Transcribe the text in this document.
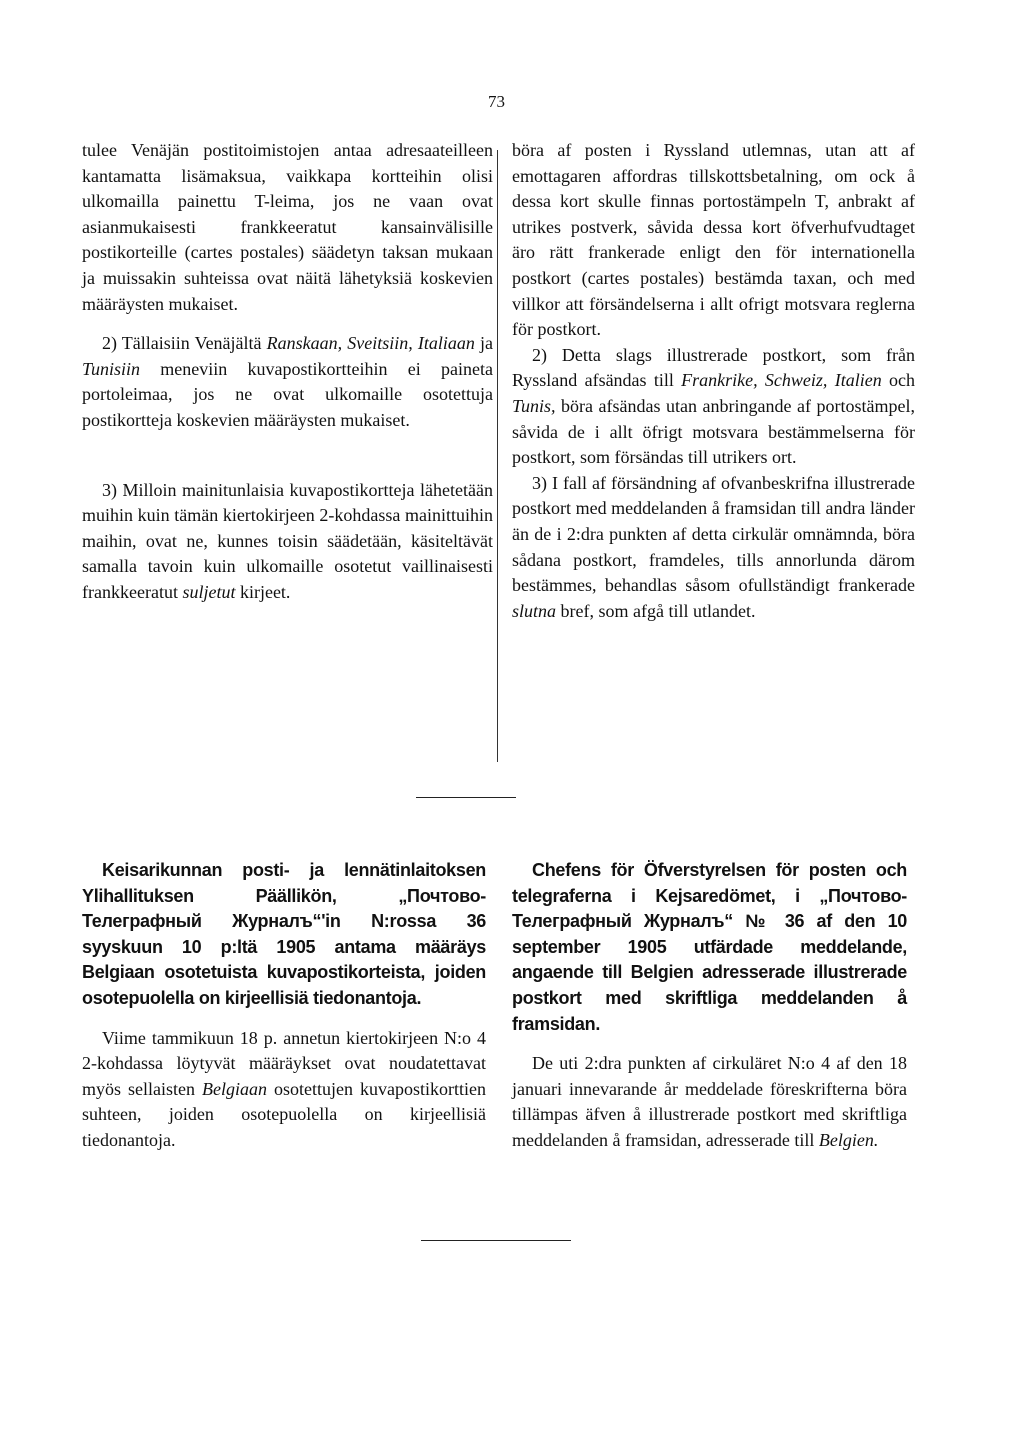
73

tulee Venäjän postitoimistojen antaa adresaateilleen kantamatta lisämaksua, vaikkapa kortteihin olisi ulkomailla painettu T-leima, jos ne vaan ovat asianmukaisesti frankkeeratut kansainvälisille postikorteille (cartes postales) säädetyn taksan mukaan ja muissakin suhteissa ovat näitä lähetyksiä koskevien määräysten mukaiset.

2) Tällaisiin Venäjältä Ranskaan, Sveitsiin, Italiaan ja Tunisiin meneviin kuvapostikortteihin ei paineta portoleimaa, jos ne ovat ulkomaille osotettuja postikortteja koskevien määräysten mukaiset.

3) Milloin mainitunlaisia kuvapostikortteja lähetetään muihin kuin tämän kiertokirjeen 2-kohdassa mainittuihin maihin, ovat ne, kunnes toisin säädetään, käsiteltävät samalla tavoin kuin ulkomaille osotetut vaillinaisesti frankkeeratut suljetut kirjeet.

böra af posten i Ryssland utlemnas, utan att af emottagaren affordras tillskottsbetalning, om ock å dessa kort skulle finnas portostämpeln T, anbrakt af utrikes postverk, såvida dessa kort öfverhufvudtaget äro rätt frankerade enligt den för internationella postkort (cartes postales) bestämda taxan, och med villkor att försändelserna i allt ofrigt motsvara reglerna för postkort.

2) Detta slags illustrerade postkort, som från Ryssland afsändas till Frankrike, Schweiz, Italien och Tunis, böra afsändas utan anbringande af portostämpel, såvida de i allt öfrigt motsvara bestämmelserna för postkort, som försändas till utrikers ort.

3) I fall af försändning af ofvanbeskrifna illustrerade postkort med meddelanden å framsidan till andra länder än de i 2:dra punkten af detta cirkulär omnämnda, böra sådana postkort, framdeles, tills annorlunda därom bestämmes, behandlas såsom ofullständigt frankerade slutna bref, som afgå till utlandet.

Keisarikunnan posti- ja lennätinlaitoksen Ylihallituksen Päällikön, „Почтово-Телеграфный Журналъ“'in N:rossa 36 syyskuun 10 p:ltä 1905 antama määräys Belgiaan osotetuista kuvapostikorteista, joiden osotepuolella on kirjeellisiä tiedonantoja.

Viime tammikuun 18 p. annetun kiertokirjeen N:o 4 2-kohdassa löytyvät määräykset ovat noudatettavat myös sellaisten Belgiaan osotettujen kuvapostikorttien suhteen, joiden osotepuolella on kirjeellisiä tiedonantoja.

Chefens för Öfverstyrelsen för posten och telegraferna i Kejsaredömet, i „Почтово-Телеграфный Журналъ“ № 36 af den 10 september 1905 utfärdade meddelande, angaende till Belgien adresserade illustrerade postkort med skriftliga meddelanden å framsidan.

De uti 2:dra punkten af cirkuläret N:o 4 af den 18 januari innevarande år meddelade föreskrifterna böra tillämpas äfven å illustrerade postkort med skriftliga meddelanden å framsidan, adresserade till Belgien.
